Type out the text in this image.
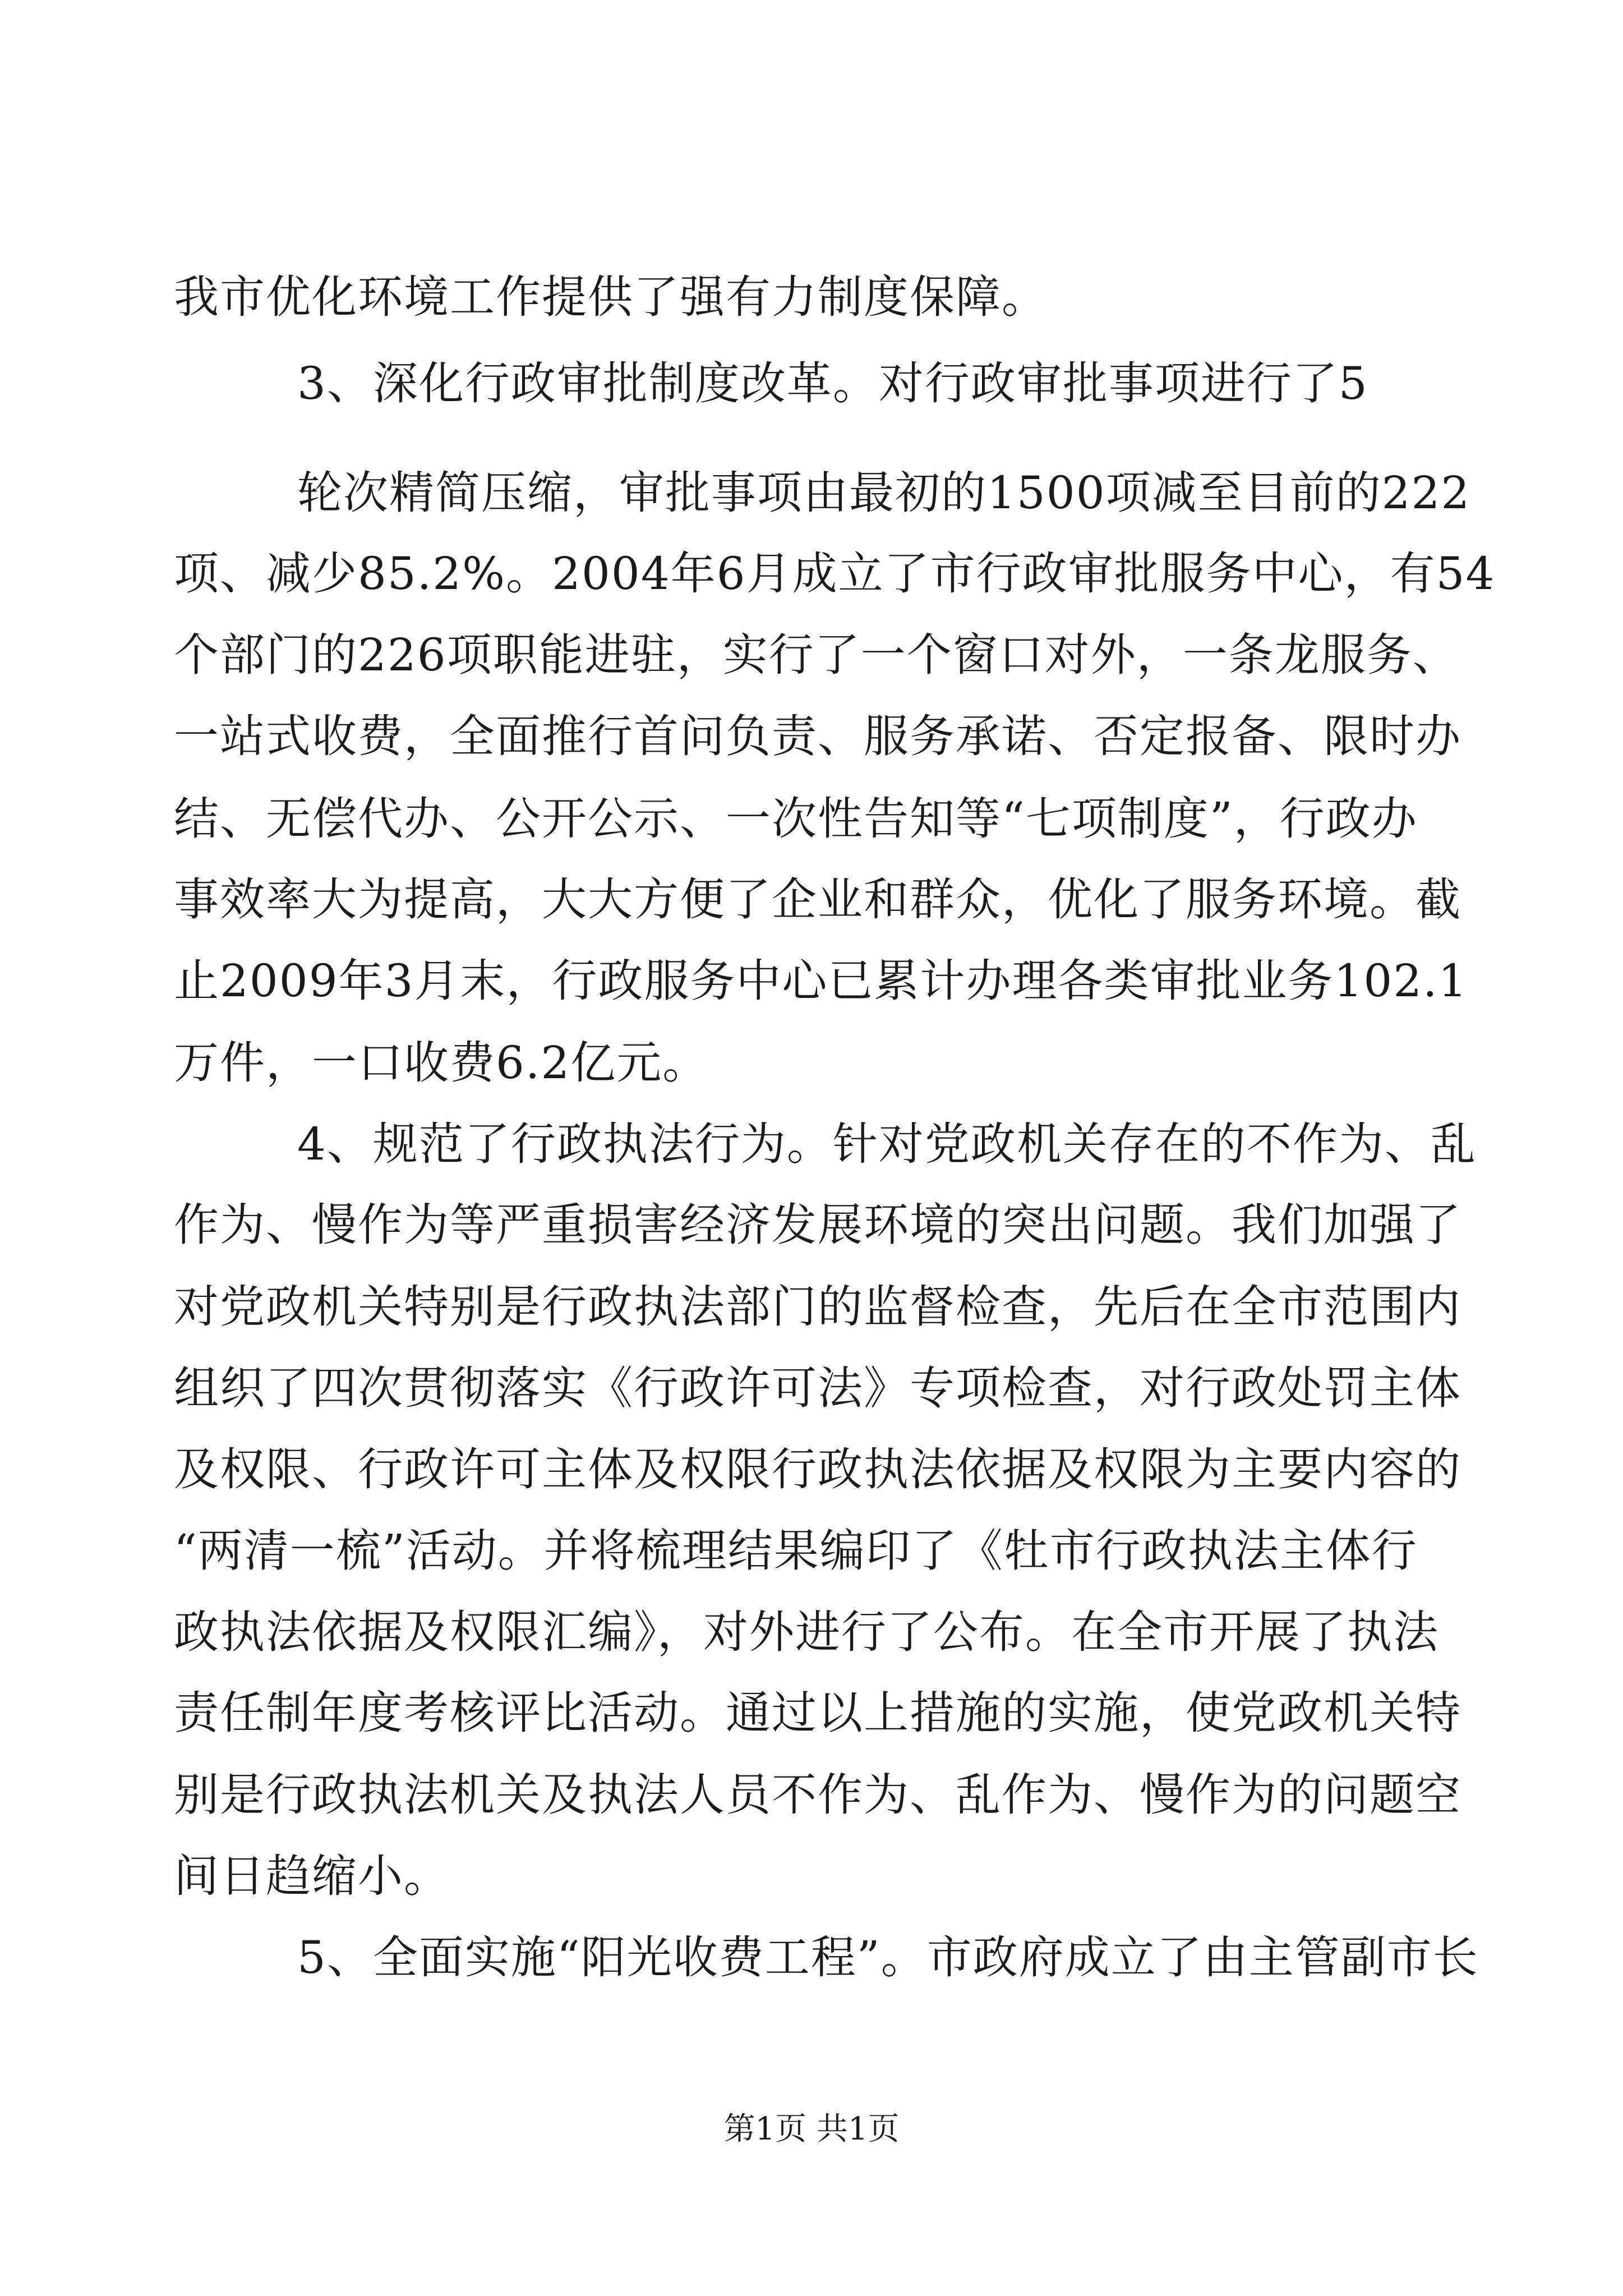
我市优化环境工作提供了强有力制度保障。
3、深化行政审批制度改革。对行政审批事项进行了5
轮次精简压缩，审批事项由最初的1500项减至目前的222
项、减少85.2%。2004年6月成立了市行政审批服务中心，有54
个部门的226项职能进驻，实行了一个窗口对外，一条龙服务、
一站式收费，全面推行首问负责、服务承诺、否定报备、限时办
结、无偿代办、公开公示、一次性告知等“七项制度”，行政办
事效率大为提高，大大方便了企业和群众，优化了服务环境。截
止2009年3月末，行政服务中心已累计办理各类审批业务102.1
万件，一口收费6.2亿元。
4、规范了行政执法行为。针对党政机关存在的不作为、乱
作为、慢作为等严重损害经济发展环境的突出问题。我们加强了
对党政机关特别是行政执法部门的监督检查，先后在全市范围内
组织了四次贯彻落实《行政许可法》专项检查，对行政处罚主体
及权限、行政许可主体及权限行政执法依据及权限为主要内容的
“两清一梳”活动。并将梳理结果编印了《牡市行政执法主体行
政执法依据及权限汇编》，对外进行了公布。在全市开展了执法
责任制年度考核评比活动。通过以上措施的实施，使党政机关特
别是行政执法机关及执法人员不作为、乱作为、慢作为的问题空
间日趋缩小。
5、全面实施“阳光收费工程”。市政府成立了由主管副市长
第1页 共1页
